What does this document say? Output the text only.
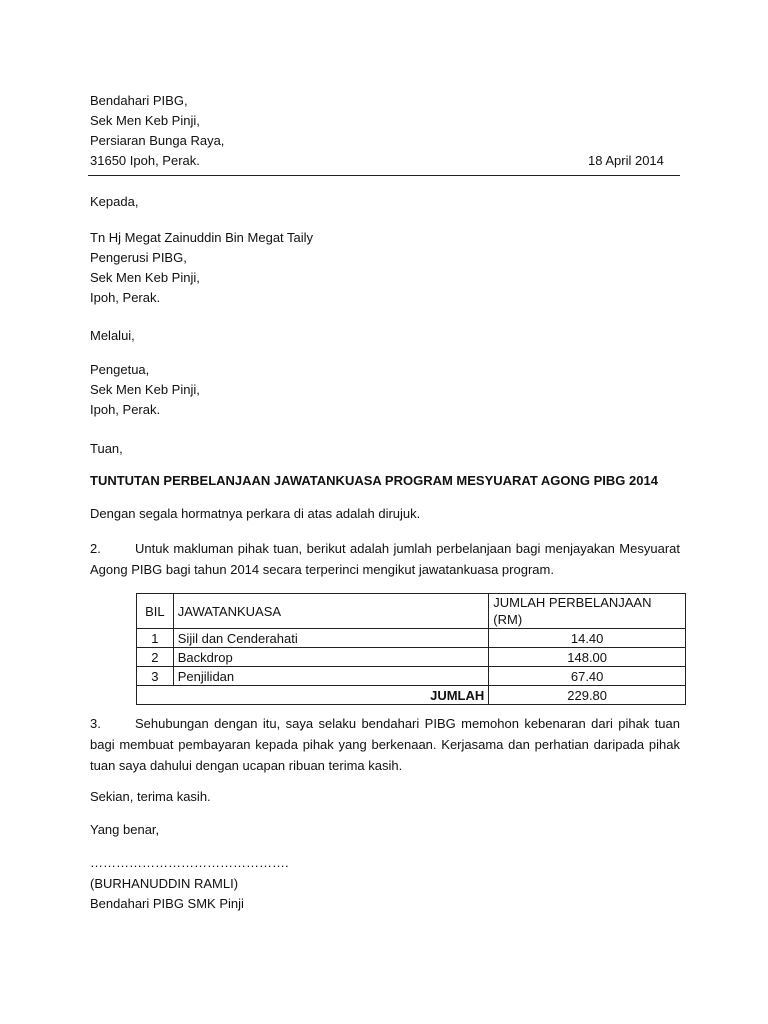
Bendahari PIBG,
Sek Men Keb Pinji,
Persiaran Bunga Raya,
31650 Ipoh, Perak.	18 April 2014
Kepada,
Tn Hj Megat Zainuddin Bin Megat Taily
Pengerusi PIBG,
Sek Men Keb Pinji,
Ipoh, Perak.
Melalui,
Pengetua,
Sek Men Keb Pinji,
Ipoh, Perak.
Tuan,
TUNTUTAN PERBELANJAAN JAWATANKUASA PROGRAM MESYUARAT AGONG PIBG 2014
Dengan segala hormatnya perkara di atas adalah dirujuk.
2.	Untuk makluman pihak tuan, berikut adalah jumlah perbelanjaan bagi menjayakan Mesyuarat Agong PIBG bagi tahun 2014 secara terperinci mengikut jawatankuasa program.
BIL	JAWATANKUASA	JUMLAH PERBELANJAAN (RM)
1	Sijil dan Cenderahati	14.40
2	Backdrop	148.00
3	Penjilidan	67.40
JUMLAH		229.80
3.	Sehubungan dengan itu, saya selaku bendahari PIBG memohon kebenaran dari pihak tuan bagi membuat pembayaran kepada pihak yang berkenaan. Kerjasama dan perhatian daripada pihak tuan saya dahului dengan ucapan ribuan terima kasih.
Sekian, terima kasih.
Yang benar,
……………………………………….
(BURHANUDDIN RAMLI)
Bendahari PIBG SMK Pinji
